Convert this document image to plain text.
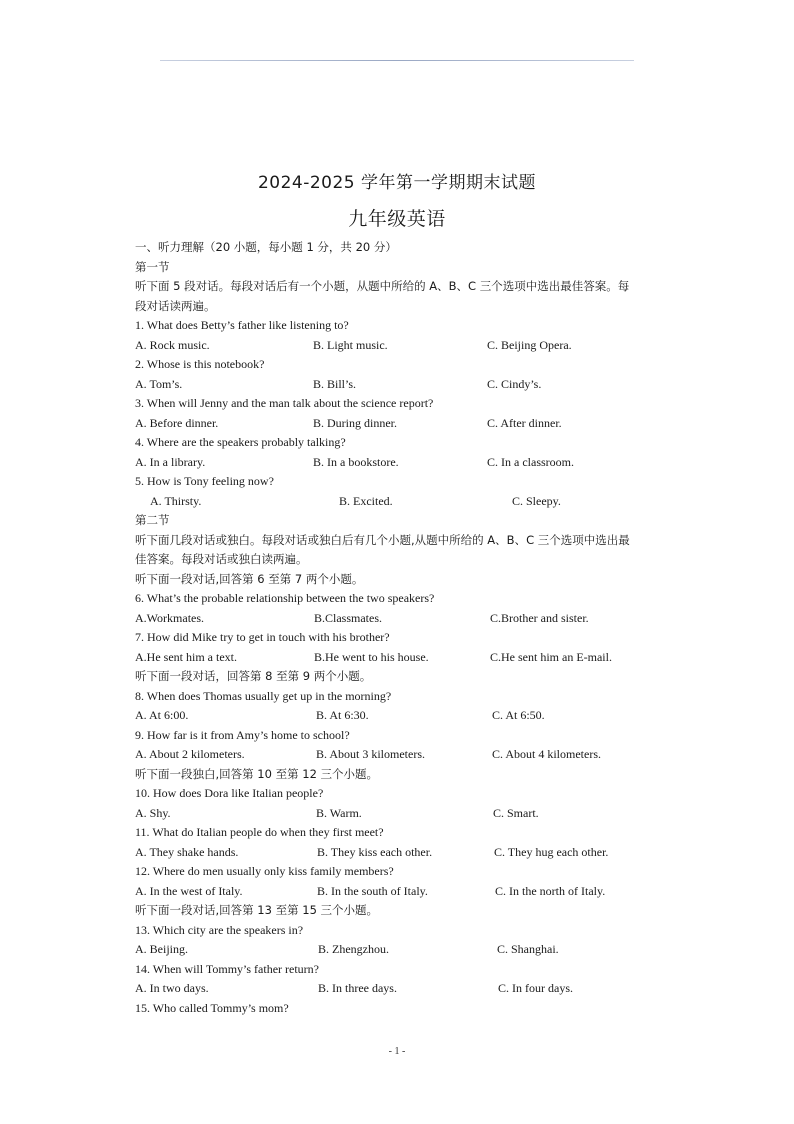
2024-2025 学年第一学期期末试题
九年级英语
一、听力理解（20 小题，每小题 1 分，共 20 分）
第一节
听下面 5 段对话。每段对话后有一个小题，从题中所给的 A、B、C 三个选项中选出最佳答案。每段对话读两遍。
1. What does Betty’s father like listening to?
A. Rock music.	B. Light music.	C. Beijing Opera.
2. Whose is this notebook?
A. Tom’s.	B. Bill’s.	C. Cindy’s.
3. When will Jenny and the man talk about the science report?
A. Before dinner.	B. During dinner.	C. After dinner.
4. Where are the speakers probably talking?
A. In a library.	B. In a bookstore.	C. In a classroom.
5. How is Tony feeling now?
A. Thirsty.	B. Excited.	C. Sleepy.
第二节
听下面几段对话或独白。每段对话或独白后有几个小题,从题中所给的 A、B、C 三个选项中选出最佳答案。每段对话或独白读两遍。
听下面一段对话,回答第 6 至第 7 两个小题。
6. What’s the probable relationship between the two speakers?
A.Workmates.	B.Classmates.	C.Brother and sister.
7. How did Mike try to get in touch with his brother?
A.He sent him a text.	B.He went to his house.	C.He sent him an E-mail.
听下面一段对话，回答第 8 至第 9 两个小题。
8. When does Thomas usually get up in the morning?
A. At 6:00.	B. At 6:30.	C. At 6:50.
9. How far is it from Amy’s home to school?
A. About 2 kilometers.	B. About 3 kilometers.	C. About 4 kilometers.
听下面一段独白,回答第 10 至第 12 三个小题。
10. How does Dora like Italian people?
A. Shy.	B. Warm.	C. Smart.
11. What do Italian people do when they first meet?
A. They shake hands.	B. They kiss each other.	C. They hug each other.
12. Where do men usually only kiss family members?
A. In the west of Italy.	B. In the south of Italy.	C. In the north of Italy.
听下面一段对话,回答第 13 至第 15 三个小题。
13. Which city are the speakers in?
A. Beijing.	B. Zhengzhou.	C. Shanghai.
14. When will Tommy’s father return?
A. In two days.	B. In three days.	C. In four days.
15. Who called Tommy’s mom?
- 1 -
